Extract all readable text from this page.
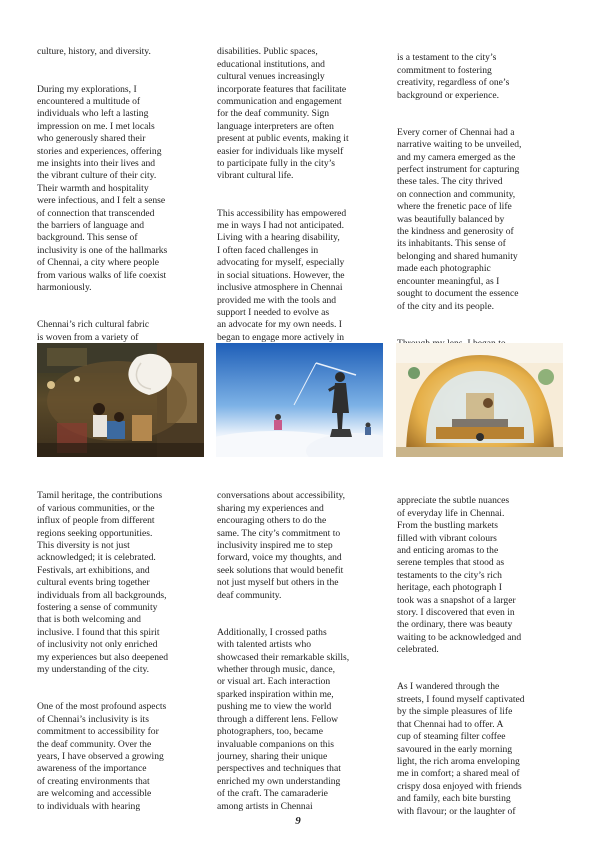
culture, history, and diversity.

During my explorations, I
encountered a multitude of
individuals who left a lasting
impression on me. I met locals
who generously shared their
stories and experiences, offering
me insights into their lives and
the vibrant culture of their city.
Their warmth and hospitality
were infectious, and I felt a sense
of connection that transcended
the barriers of language and
background. This sense of
inclusivity is one of the hallmarks
of Chennai, a city where people
from various walks of life coexist
harmoniously.

Chennai’s rich cultural fabric
is woven from a variety of

disabilities. Public spaces,
educational institutions, and
cultural venues increasingly
incorporate features that facilitate
communication and engagement
for the deaf community. Sign
language interpreters are often
present at public events, making it
easier for individuals like myself
to participate fully in the city’s
vibrant cultural life.

This accessibility has empowered
me in ways I had not anticipated.
Living with a hearing disability,
I often faced challenges in
advocating for myself, especially
in social situations. However, the
inclusive atmosphere in Chennai
provided me with the tools and
support I needed to evolve as
an advocate for my own needs. I
began to engage more actively in

is a testament to the city’s
commitment to fostering
creativity, regardless of one’s
background or experience.

Every corner of Chennai had a
narrative waiting to be unveiled,
and my camera emerged as the
perfect instrument for capturing
these tales. The city thrived
on connection and community,
where the frenetic pace of life
was beautifully balanced by
the kindness and generosity of
its inhabitants. This sense of
belonging and shared humanity
made each photographic
encounter meaningful, as I
sought to document the essence
of the city and its people.

Tamil heritage, the contributions
of various communities, or the
influx of people from different
regions seeking opportunities.
This diversity is not just
acknowledged; it is celebrated.
Festivals, art exhibitions, and
cultural events bring together
individuals from all backgrounds,
fostering a sense of community
that is both welcoming and
inclusive. I found that this spirit
of inclusivity not only enriched
my experiences but also deepened
my understanding of the city.

One of the most profound aspects
of Chennai’s inclusivity is its
commitment to accessibility for
the deaf community. Over the
years, I have observed a growing
awareness of the importance
of creating environments that
are welcoming and accessible
to individuals with hearing

conversations about accessibility,
sharing my experiences and
encouraging others to do the
same. The city’s commitment to
inclusivity inspired me to step
forward, voice my thoughts, and
seek solutions that would benefit
not just myself but others in the
deaf community.

Additionally, I crossed paths
with talented artists who
showcased their remarkable skills,
whether through music, dance,
or visual art. Each interaction
sparked inspiration within me,
pushing me to view the world
through a different lens. Fellow
photographers, too, became
invaluable companions on this
journey, sharing their unique
perspectives and techniques that
enriched my own understanding
of the craft. The camaraderie
among artists in Chennai

appreciate the subtle nuances
of everyday life in Chennai.
From the bustling markets
filled with vibrant colours
and enticing aromas to the
serene temples that stood as
testaments to the city’s rich
heritage, each photograph I
took was a snapshot of a larger
story. I discovered that even in
the ordinary, there was beauty
waiting to be acknowledged and
celebrated.

As I wandered through the
streets, I found myself captivated
by the simple pleasures of life
that Chennai had to offer. A
cup of steaming filter coffee
savoured in the early morning
light, the rich aroma enveloping
me in comfort; a shared meal of
crispy dosa enjoyed with friends
and family, each bite bursting
with flavour; or the laughter of

9
